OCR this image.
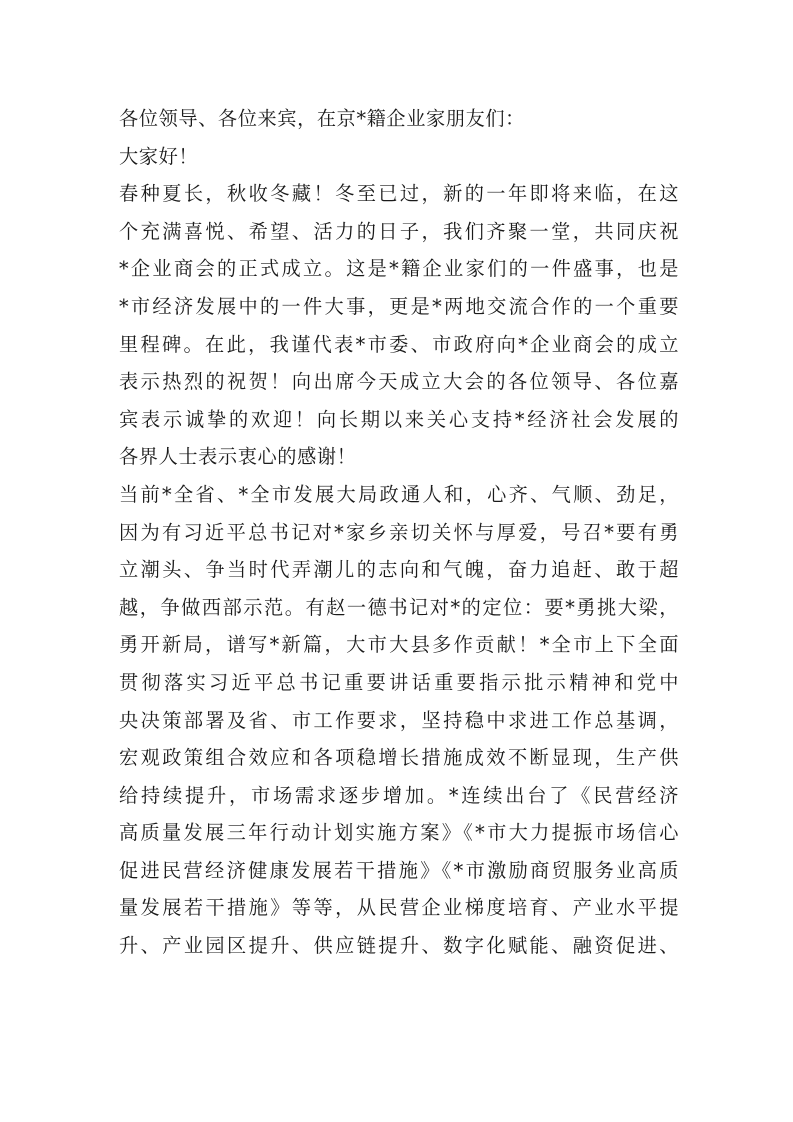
各位领导、各位来宾，在京*籍企业家朋友们：
大家好！
春种夏长，秋收冬藏！冬至已过，新的一年即将来临，在这
个充满喜悦、希望、活力的日子，我们齐聚一堂，共同庆祝
*企业商会的正式成立。这是*籍企业家们的一件盛事，也是
*市经济发展中的一件大事，更是*两地交流合作的一个重要
里程碑。在此，我谨代表*市委、市政府向*企业商会的成立
表示热烈的祝贺！向出席今天成立大会的各位领导、各位嘉
宾表示诚挚的欢迎！向长期以来关心支持*经济社会发展的
各界人士表示衷心的感谢！
当前*全省、*全市发展大局政通人和，心齐、气顺、劲足，
因为有习近平总书记对*家乡亲切关怀与厚爱，号召*要有勇
立潮头、争当时代弄潮儿的志向和气魄，奋力追赶、敢于超
越，争做西部示范。有赵一德书记对*的定位：要*勇挑大梁，
勇开新局，谱写*新篇，大市大县多作贡献！*全市上下全面
贯彻落实习近平总书记重要讲话重要指示批示精神和党中
央决策部署及省、市工作要求，坚持稳中求进工作总基调，
宏观政策组合效应和各项稳增长措施成效不断显现，生产供
给持续提升，市场需求逐步增加。*连续出台了《民营经济
高质量发展三年行动计划实施方案》《*市大力提振市场信心
促进民营经济健康发展若干措施》《*市激励商贸服务业高质
量发展若干措施》等等，从民营企业梯度培育、产业水平提
升、产业园区提升、供应链提升、数字化赋能、融资促进、
